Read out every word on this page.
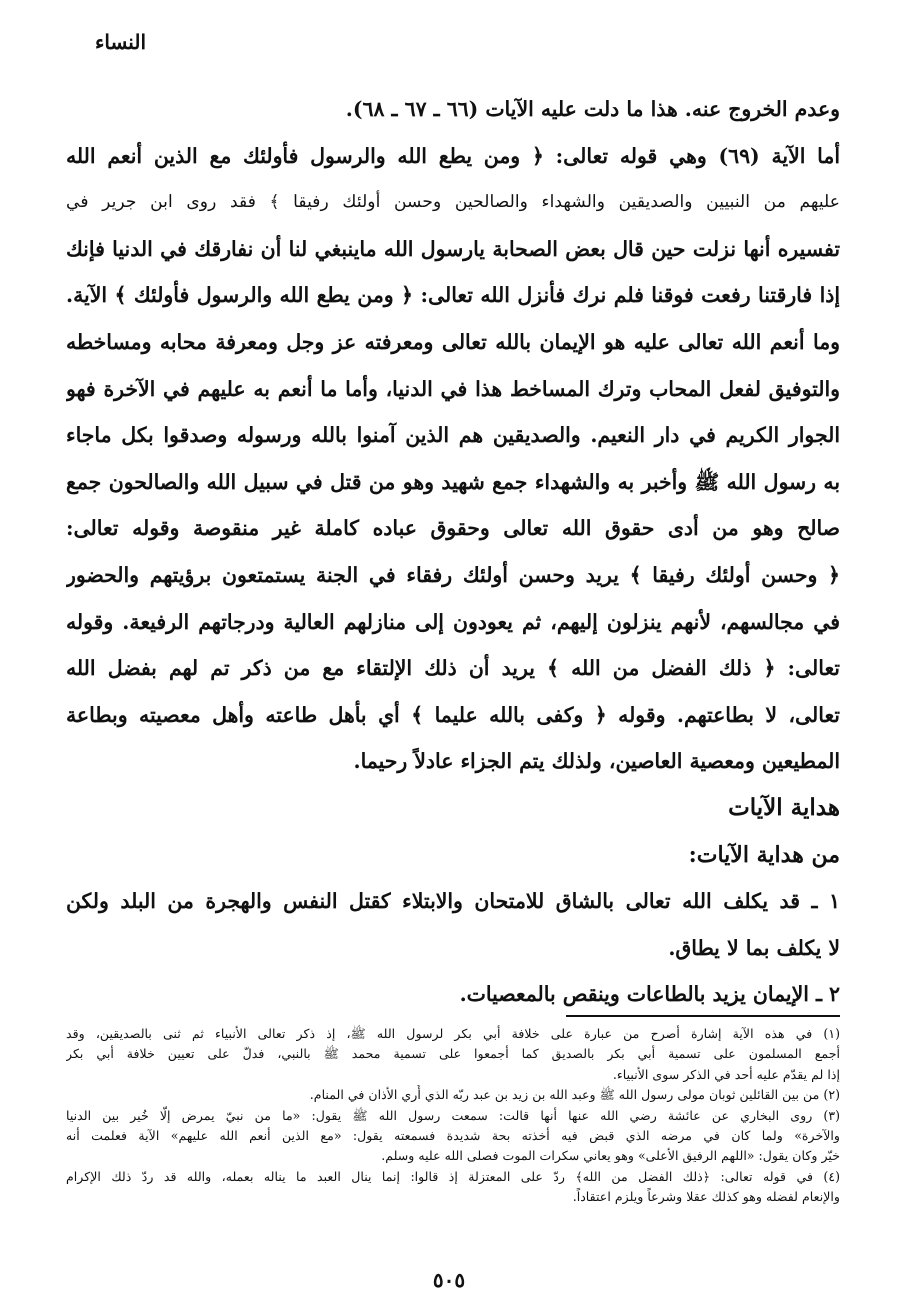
النساء
وعدم الخروج عنه. هذا ما دلت عليه الآيات (٦٦ ـ ٦٧ ـ ٦٨).
أما الآية (٦٩) وهي قوله تعالى: ﴿ ومن يطع الله والرسول فأولئك مع الذين أنعم الله
عليهم من النبيين والصديقين والشهداء والصالحين وحسن أولئك رفيقا ﴾ فقد روى ابن جرير في
تفسيره أنها نزلت حين قال بعض الصحابة يارسول الله ماينبغي لنا أن نفارقك في الدنيا فإنك
إذا فارقتنا رفعت فوقنا فلم نرك فأنزل الله تعالى: ﴿ ومن يطع الله والرسول فأولئك ﴾ الآية.
وما أنعم الله تعالى عليه هو الإيمان بالله تعالى ومعرفته عز وجل ومعرفة محابه ومساخطه
والتوفيق لفعل المحاب وترك المساخط هذا في الدنيا، وأما ما أنعم به عليهم في الآخرة فهو
الجوار الكريم في دار النعيم. والصديقين هم الذين آمنوا بالله ورسوله وصدقوا بكل ماجاء
به رسول الله ﷺ وأخبر به والشهداء جمع شهيد وهو من قتل في سبيل الله والصالحون جمع
صالح وهو من أدى حقوق الله تعالى وحقوق عباده كاملة غير منقوصة وقوله تعالى:
﴿ وحسن أولئك رفيقا ﴾ يريد وحسن أولئك رفقاء في الجنة يستمتعون برؤيتهم والحضور
في مجالسهم، لأنهم ينزلون إليهم، ثم يعودون إلى منازلهم العالية ودرجاتهم الرفيعة. وقوله
تعالى: ﴿ ذلك الفضل من الله ﴾ يريد أن ذلك الإلتقاء مع من ذكر تم لهم بفضل الله
تعالى، لا بطاعتهم. وقوله ﴿ وكفى بالله عليما ﴾ أي بأهل طاعته وأهل معصيته وبطاعة
المطيعين ومعصية العاصين، ولذلك يتم الجزاء عادلاً رحيما.
هداية الآيات
من هداية الآيات:
١ ـ قد يكلف الله تعالى بالشاق للامتحان والابتلاء كقتل النفس والهجرة من البلد ولكن
لا يكلف بما لا يطاق.
٢ ـ الإيمان يزيد بالطاعات وينقص بالمعصيات.
(١) في هذه الآية إشارة أصرح من عبارة على خلافة أبي بكر لرسول الله ﷺ، إذ ذكر تعالى الأنبياء ثم ثنى بالصديقين، وقد
أجمع المسلمون على تسمية أبي بكر بالصديق كما أجمعوا على تسمية محمد ﷺ بالنبي، فدلّ على تعيين خلافة أبي بكر
إذا لم يقدّم عليه أحد في الذكر سوى الأنبياء.
(٢) من بين القائلين ثوبان مولى رسول الله ﷺ وعبد الله بن زيد بن عبد ربّه الذي أُري الأذان في المنام.
(٣) روى البخاري عن عائشة رضي الله عنها أنها قالت: سمعت رسول الله ﷺ يقول: «ما من نبيّ يمرض إلّا خُير بين الدنيا
والآخرة» ولما كان في مرضه الذي قبض فيه أخذته بحة شديدة فسمعته يقول: «مع الذين أنعم الله عليهم» الآية فعلمت أنه
خيّر وكان يقول: «اللهم الرفيق الأعلى» وهو يعاني سكرات الموت فصلى الله عليه وسلم.
(٤) في قوله تعالى: ﴿ذلك الفضل من الله﴾ ردّ على المعتزلة إذ قالوا: إنما ينال العبد ما يناله بعمله، والله قد ردّ ذلك الإكرام
والإنعام لفضله وهو كذلك عقلا وشرعاً ويلزم اعتقاداً.
٥٠٥
